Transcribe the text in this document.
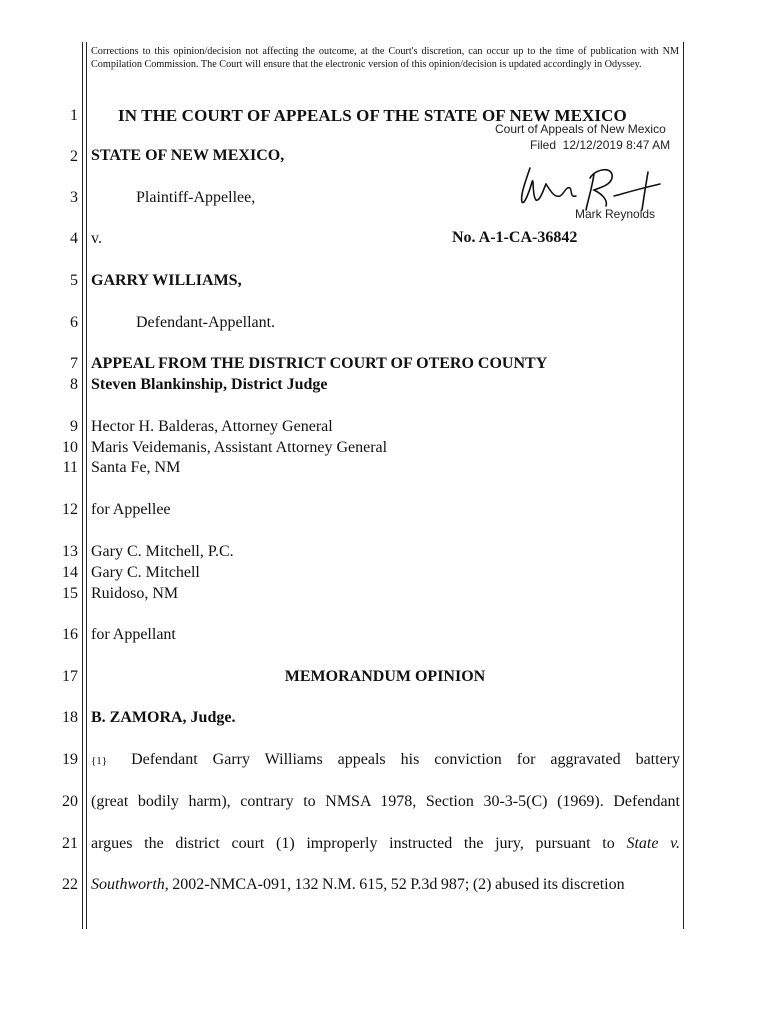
Corrections to this opinion/decision not affecting the outcome, at the Court's discretion, can occur up to the time of publication with NM Compilation Commission. The Court will ensure that the electronic version of this opinion/decision is updated accordingly in Odyssey.
1
2
3
4
5
6
7
8
9
10
11
12
13
14
15
16
17
18
19
20
21
22
IN THE COURT OF APPEALS OF THE STATE OF NEW MEXICO
Court of Appeals of New Mexico
Filed  12/12/2019 8:47 AM
Mark Reynolds
STATE OF NEW MEXICO,
Plaintiff-Appellee,
v.	No. A-1-CA-36842
GARRY WILLIAMS,
Defendant-Appellant.
APPEAL FROM THE DISTRICT COURT OF OTERO COUNTY
Steven Blankinship, District Judge
Hector H. Balderas, Attorney General
Maris Veidemanis, Assistant Attorney General
Santa Fe, NM
for Appellee
Gary C. Mitchell, P.C.
Gary C. Mitchell
Ruidoso, NM
for Appellant
MEMORANDUM OPINION
B. ZAMORA, Judge.
{1} Defendant Garry Williams appeals his conviction for aggravated battery
(great bodily harm), contrary to NMSA 1978, Section 30-3-5(C) (1969). Defendant
argues the district court (1) improperly instructed the jury, pursuant to State v.
Southworth, 2002-NMCA-091, 132 N.M. 615, 52 P.3d 987; (2) abused its discretion
